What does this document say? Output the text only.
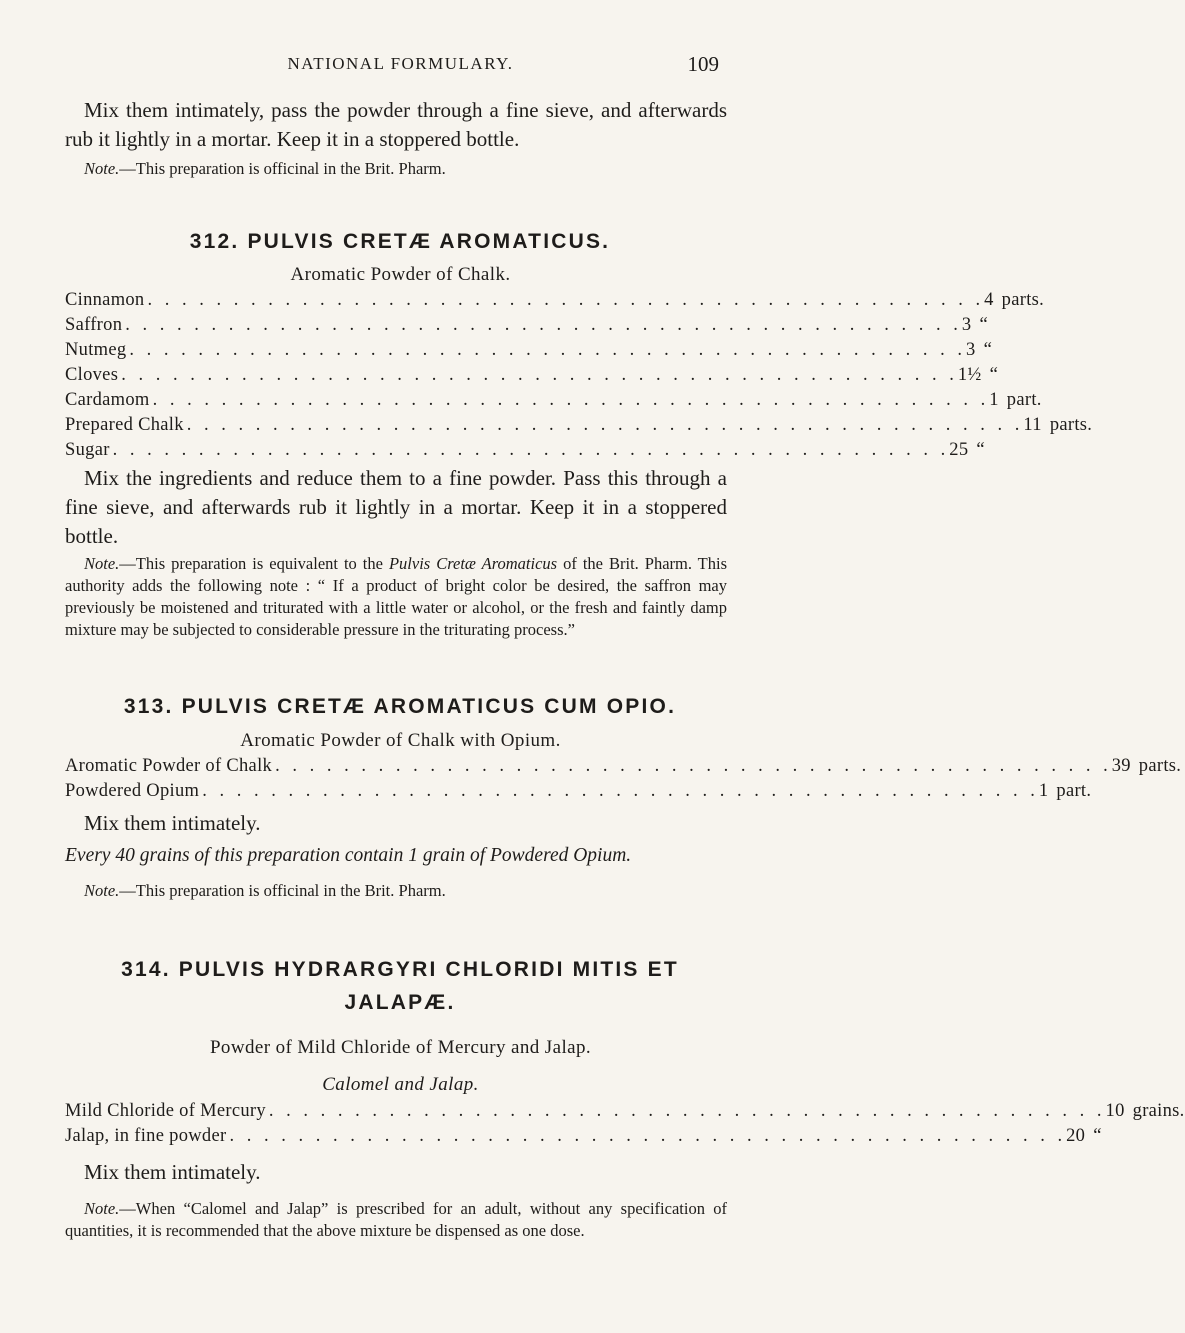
NATIONAL FORMULARY.	109
Mix them intimately, pass the powder through a fine sieve, and afterwards rub it lightly in a mortar. Keep it in a stoppered bottle.
Note.—This preparation is officinal in the Brit. Pharm.
312. PULVIS CRETÆ AROMATICUS.
Aromatic Powder of Chalk.
Cinnamon . . . . . . . . . . . . . . . . . . . . . . . . . . . . . . . . . . . . . . . . . . . . . . . . . 4 parts.
Saffron . . . . . . . . . . . . . . . . . . . . . . . . . . . . . . . . . . . . . . . . . . . . . . . . . 3 “
Nutmeg . . . . . . . . . . . . . . . . . . . . . . . . . . . . . . . . . . . . . . . . . . . . . . . . . 3 “
Cloves . . . . . . . . . . . . . . . . . . . . . . . . . . . . . . . . . . . . . . . . . . . . . . . . . 1½ “
Cardamom . . . . . . . . . . . . . . . . . . . . . . . . . . . . . . . . . . . . . . . . . . . . . . . . . 1 part.
Prepared Chalk . . . . . . . . . . . . . . . . . . . . . . . . . . . . . . . . . . . . . . . . . . . . . . . . . 11 parts.
Sugar . . . . . . . . . . . . . . . . . . . . . . . . . . . . . . . . . . . . . . . . . . . . . . . . . 25 “
Mix the ingredients and reduce them to a fine powder. Pass this through a fine sieve, and afterwards rub it lightly in a mortar. Keep it in a stoppered bottle.
Note.—This preparation is equivalent to the Pulvis Cretæ Aromaticus of the Brit. Pharm. This authority adds the following note : “ If a product of bright color be desired, the saffron may previously be moistened and triturated with a little water or alcohol, or the fresh and faintly damp mixture may be subjected to considerable pressure in the triturating process.”
313. PULVIS CRETÆ AROMATICUS CUM OPIO.
Aromatic Powder of Chalk with Opium.
Aromatic Powder of Chalk . . . . . . . . . . . . . . . . . . . . . . . . . . . . . . . . . . . . . . . . . . . . . . . . . 39 parts.
Powdered Opium . . . . . . . . . . . . . . . . . . . . . . . . . . . . . . . . . . . . . . . . . . . . . . . . . 1 part.
Mix them intimately.
Every 40 grains of this preparation contain 1 grain of Powdered Opium.
Note.—This preparation is officinal in the Brit. Pharm.
314. PULVIS HYDRARGYRI CHLORIDI MITIS ET
JALAPÆ.
Powder of Mild Chloride of Mercury and Jalap.
Calomel and Jalap.
Mild Chloride of Mercury . . . . . . . . . . . . . . . . . . . . . . . . . . . . . . . . . . . . . . . . . . . . . . . . . 10 grains.
Jalap, in fine powder . . . . . . . . . . . . . . . . . . . . . . . . . . . . . . . . . . . . . . . . . . . . . . . . . 20 “
Mix them intimately.
Note.—When “Calomel and Jalap” is prescribed for an adult, without any specification of quantities, it is recommended that the above mixture be dispensed as one dose.
